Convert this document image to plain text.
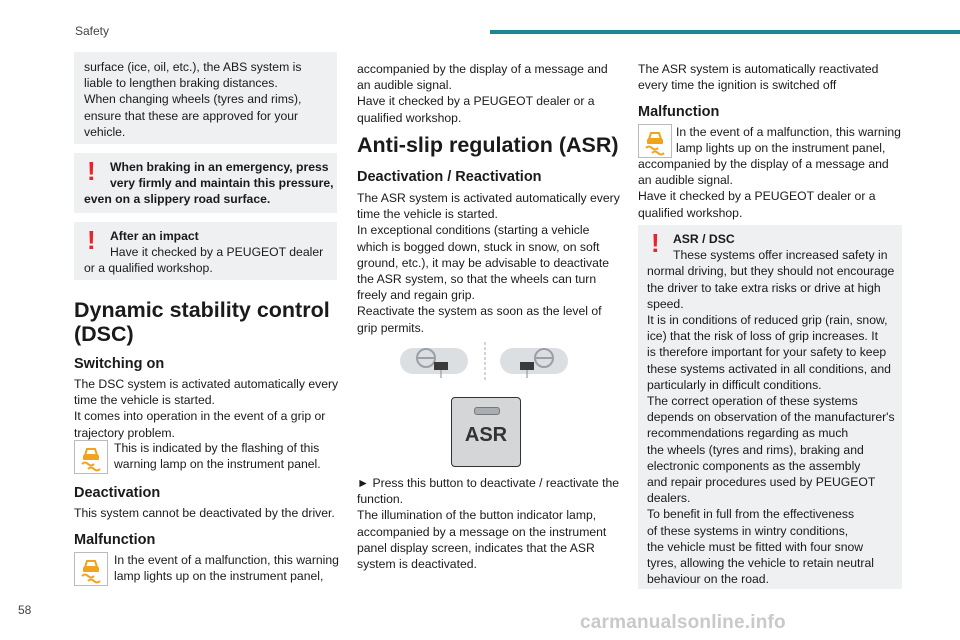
Safety
surface (ice, oil, etc.), the ABS system is
liable to lengthen braking distances.
When changing wheels (tyres and rims),
ensure that these are approved for your
vehicle.
!	When braking in an emergency, press
very firmly and maintain this pressure,
even on a slippery road surface.
!	After an impact
Have it checked by a PEUGEOT dealer
or a qualified workshop.
Dynamic stability control
(DSC)
Switching on
The DSC system is activated automatically every
time the vehicle is started.
It comes into operation in the event of a grip or
trajectory problem.
This is indicated by the flashing of this
warning lamp on the instrument panel.
Deactivation
This system cannot be deactivated by the driver.
Malfunction
In the event of a malfunction, this warning
lamp lights up on the instrument panel,
accompanied by the display of a message and
an audible signal.
Have it checked by a PEUGEOT dealer or a
qualified workshop.
Anti-slip regulation (ASR)
Deactivation / Reactivation
The ASR system is activated automatically every
time the vehicle is started.
In exceptional conditions (starting a vehicle
which is bogged down, stuck in snow, on soft
ground, etc.), it may be advisable to deactivate
the ASR system, so that the wheels can turn
freely and regain grip.
Reactivate the system as soon as the level of
grip permits.
ASR
► Press this button to deactivate / reactivate the
function.
The illumination of the button indicator lamp,
accompanied by a message on the instrument
panel display screen, indicates that the ASR
system is deactivated.
The ASR system is automatically reactivated
every time the ignition is switched off
Malfunction
In the event of a malfunction, this warning
lamp lights up on the instrument panel,
accompanied by the display of a message and
an audible signal.
Have it checked by a PEUGEOT dealer or a
qualified workshop.
!	ASR / DSC
These systems offer increased safety in
normal driving, but they should not encourage
the driver to take extra risks or drive at high
speed.
It is in conditions of reduced grip (rain, snow,
ice) that the risk of loss of grip increases. It
is therefore important for your safety to keep
these systems activated in all conditions, and
particularly in difficult conditions.
The correct operation of these systems
depends on observation of the manufacturer's
recommendations regarding as much
the wheels (tyres and rims), braking and
electronic components as the assembly
and repair procedures used by PEUGEOT
dealers.
To benefit in full from the effectiveness
of these systems in wintry conditions,
the vehicle must be fitted with four snow
tyres, allowing the vehicle to retain neutral
behaviour on the road.
58
carmanualsonline.info
